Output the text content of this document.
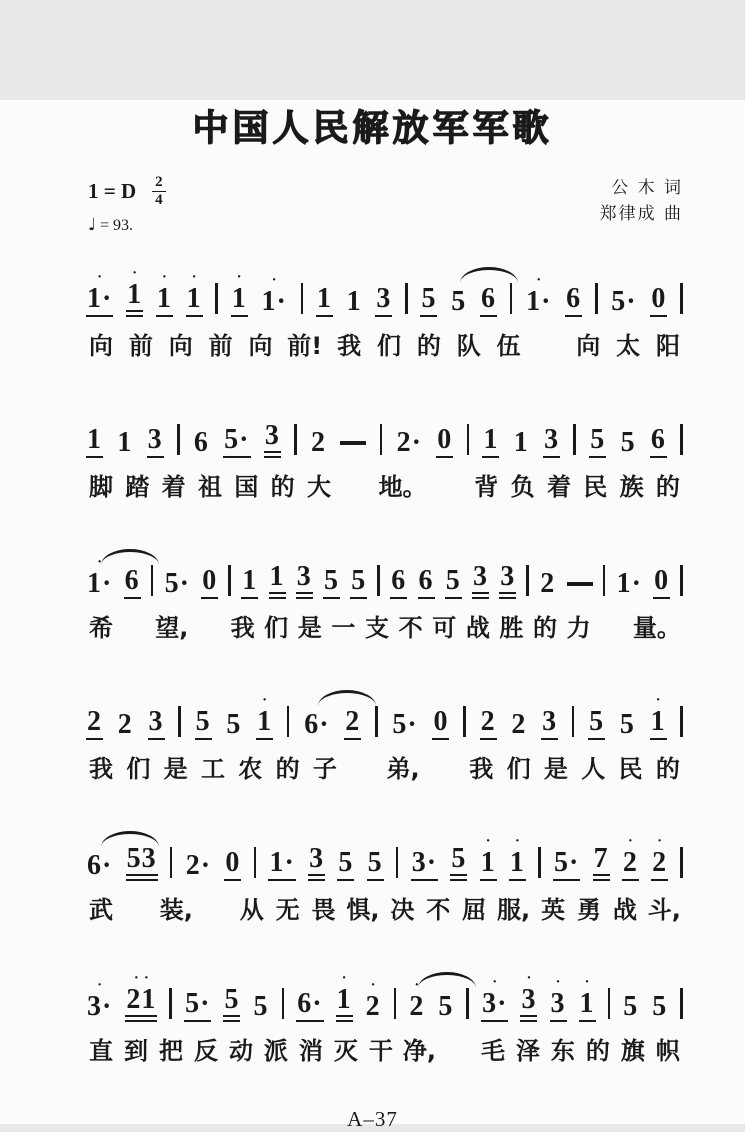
中国人民解放军军歌
1 = D $\frac{2}{4}$
♩ = 93.
公 木 词
郑律成 曲
·
1·
·
1
·
1
·
1
·
1
·
1·
1
1
3
5
5
6
·
1·
6
5·
0
向 前 向 前 向 前! 我 们 的 队 伍 向 太 阳

1
1
3
6
5·
3
2
	2·
0
1
1
3
5
5
6
脚 踏 着 祖 国 的 大 地。 背 负 着 民 族 的
·
1·
6
5·
0
1
1
3
5
5
6
6
5
3
3
2
1·
0
希 望, 我 们 是 一 支 不 可 战 胜 的 力 量。

2
2
3
5
5
·
1
6·
2
5·
0
2
2
3
5
5
·
1
我 们 是 工 农 的 子 弟, 我 们 是 人 民 的

6·
53
2·
0
1·
3
5
5
3·
5
·
1
·
1
5·
7
·
2
·
2
武 装, 从 无 畏 惧, 决 不 屈 服, 英 勇 战 斗,
·
3·
··
21
5·
5
5
6·
·
1	·
2
·
2
5
·
3·
·
3
·
3
·
1
5
5
直 到 把 反 动 派 消 灭 干 净, 毛 泽 东 的 旗 帜
A–37
